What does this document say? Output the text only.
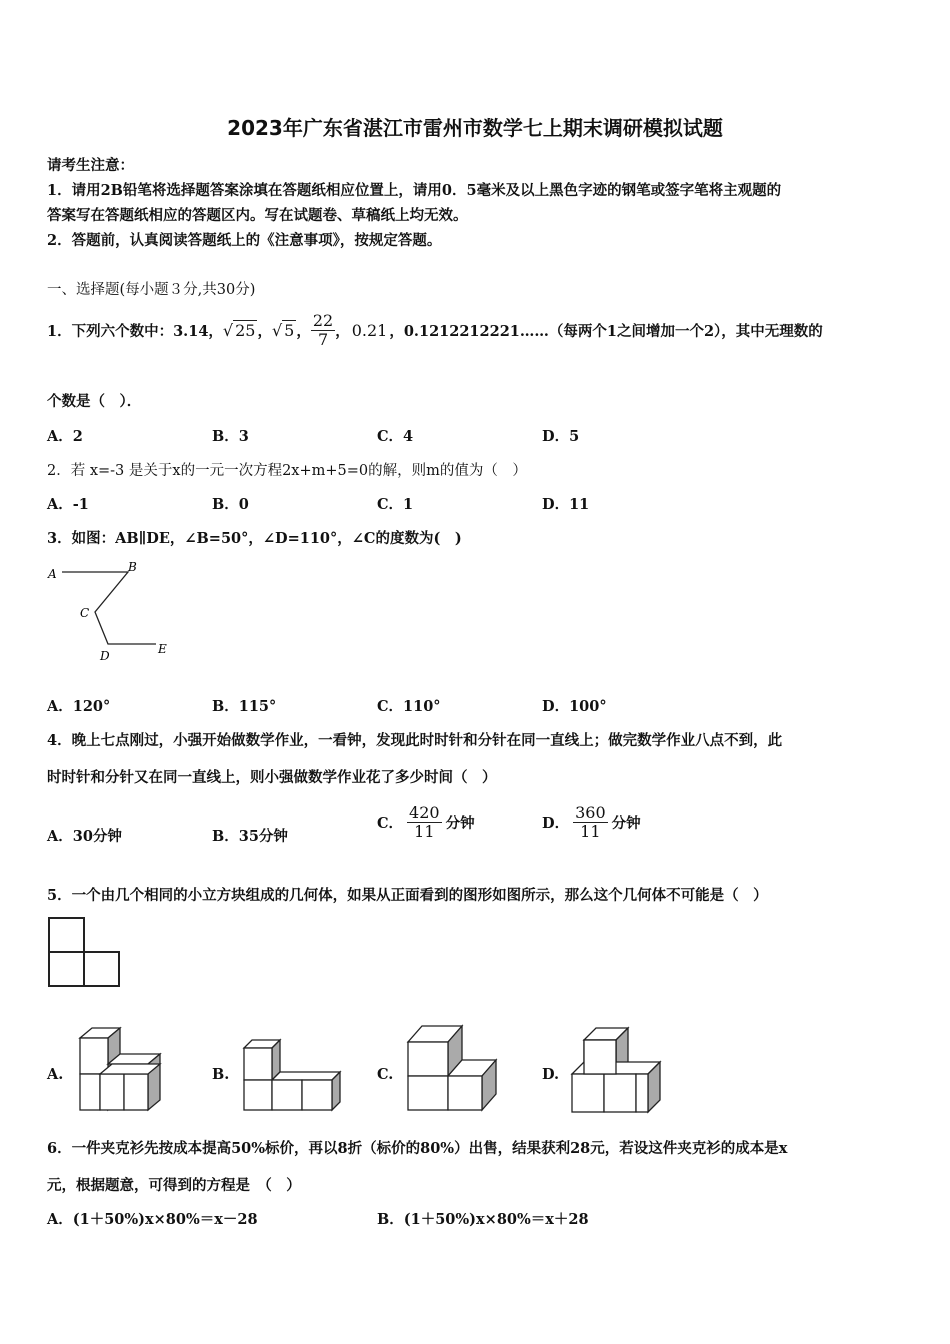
2023年广东省湛江市雷州市数学七上期末调研模拟试题
请考生注意：
1．请用2B铅笔将选择题答案涂填在答题纸相应位置上，请用0．5毫米及以上黑色字迹的钢笔或签字笔将主观题的
答案写在答题纸相应的答题区内。写在试题卷、草稿纸上均无效。
2．答题前，认真阅读答题纸上的《注意事项》，按规定答题。
一、选择题(每小题３分,共30分)
1．下列六个数中：3.14， √ 25 ， √ 5 ， $\frac{22}{7}$ ， 0.21 ，0.1212212221……（每两个1之间增加一个2），其中无理数的
个数是（　）．
A．2	B．3	C．4	D．5
2．若 x=-3 是关于x的一元一次方程2x+m+5=0的解，则m的值为（　）
A．-1	B．0	C．1	D．11
3．如图：AB∥DE，∠B=50°，∠D=110°，∠C的度数为(　)
A	B
C
D	E
A．120°	B．115°	C．110°	D．100°
4．晚上七点刚过，小强开始做数学作业，一看钟，发现此时时针和分针在同一直线上；做完数学作业八点不到，此
时时针和分针又在同一直线上，则小强做数学作业花了多少时间（　）
A．30分钟	B．35分钟
C． $\frac{420}{11}$ 分钟	D． $\frac{360}{11}$ 分钟
5．一个由几个相同的小立方块组成的几何体，如果从正面看到的图形如图所示，那么这个几何体不可能是（　）
A.	B.	C.	D.
6．一件夹克衫先按成本提高50%标价，再以8折（标价的80%）出售，结果获利28元，若设这件夹克衫的成本是x
元，根据题意，可得到的方程是　（　）
A．(1＋50%)x×80%＝x－28	B．(1＋50%)x×80%＝x＋28
